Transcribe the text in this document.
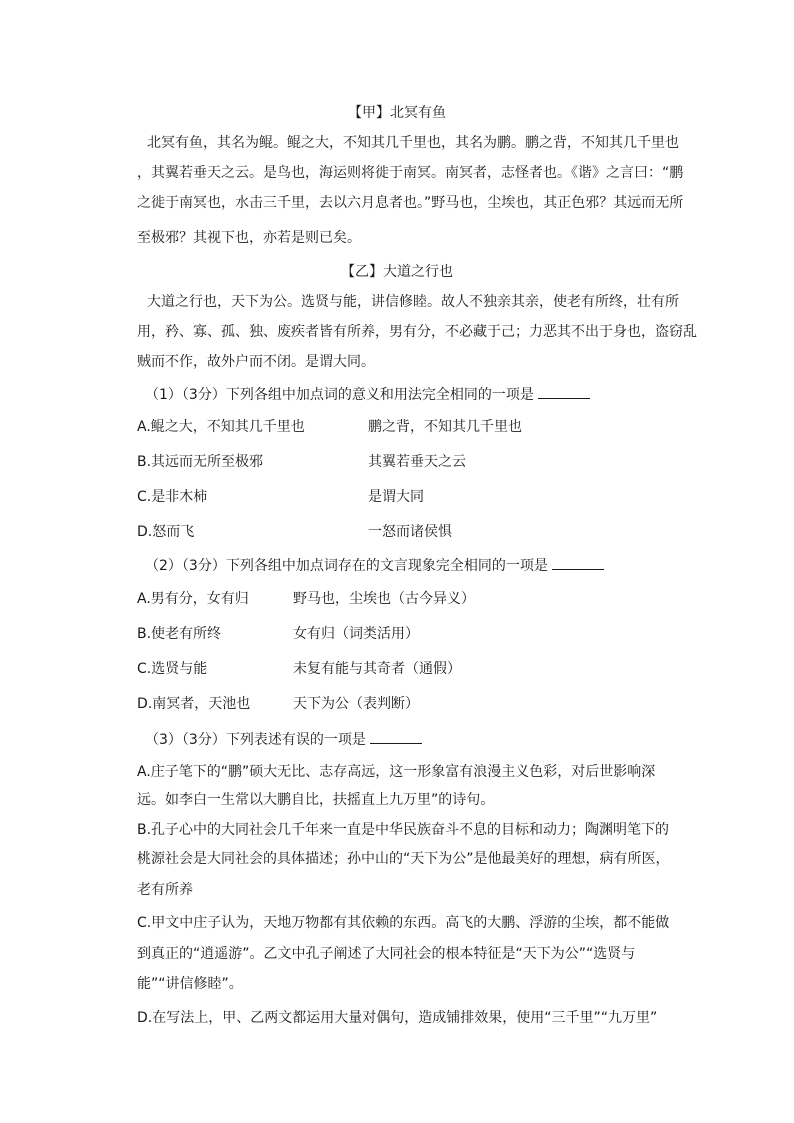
【甲】北冥有鱼
北冥有鱼，其名为鲲。鲲之大，不知其几千里也，其名为鹏。鹏之背，不知其几千里也
，其翼若垂天之云。是鸟也，海运则将徙于南冥。南冥者，志怪者也。《谐》之言曰：“鹏
之徙于南冥也，水击三千里，去以六月息者也。”野马也，尘埃也，其正色邪？其远而无所
至极邪？其视下也，亦若是则已矣。
【乙】大道之行也
大道之行也，天下为公。选贤与能，讲信修睦。故人不独亲其亲，使老有所终，壮有所
用，矜、寡、孤、独、废疾者皆有所养，男有分，不必藏于己；力恶其不出于身也，盗窃乱
贼而不作，故外户而不闭。是谓大同。
（1）（3分）下列各组中加点词的意义和用法完全相同的一项是
A.鲲之大，不知其几千里也	鹏之背，不知其几千里也
B.其远而无所至极邪	其翼若垂天之云
C.是非木柿	是谓大同
D.怒而飞	一怒而诸侯惧
（2）（3分）下列各组中加点词存在的文言现象完全相同的一项是
A.男有分，女有归	野马也，尘埃也（古今异义）
B.使老有所终	女有归（词类活用）
C.选贤与能	未复有能与其奇者（通假）
D.南冥者，天池也	天下为公（表判断）
（3）（3分）下列表述有误的一项是
A.庄子笔下的“鹏”硕大无比、志存高远，这一形象富有浪漫主义色彩，对后世影响深
远。如李白一生常以大鹏自比，扶摇直上九万里”的诗句。
B.孔子心中的大同社会几千年来一直是中华民族奋斗不息的目标和动力；陶渊明笔下的
桃源社会是大同社会的具体描述；孙中山的“天下为公”是他最美好的理想，病有所医，
老有所养
C.甲文中庄子认为，天地万物都有其依赖的东西。高飞的大鹏、浮游的尘埃，都不能做
到真正的“逍遥游”。乙文中孔子阐述了大同社会的根本特征是“天下为公”“选贤与
能”“讲信修睦”。
D.在写法上，甲、乙两文都运用大量对偶句，造成铺排效果，使用“三千里”“九万里”
